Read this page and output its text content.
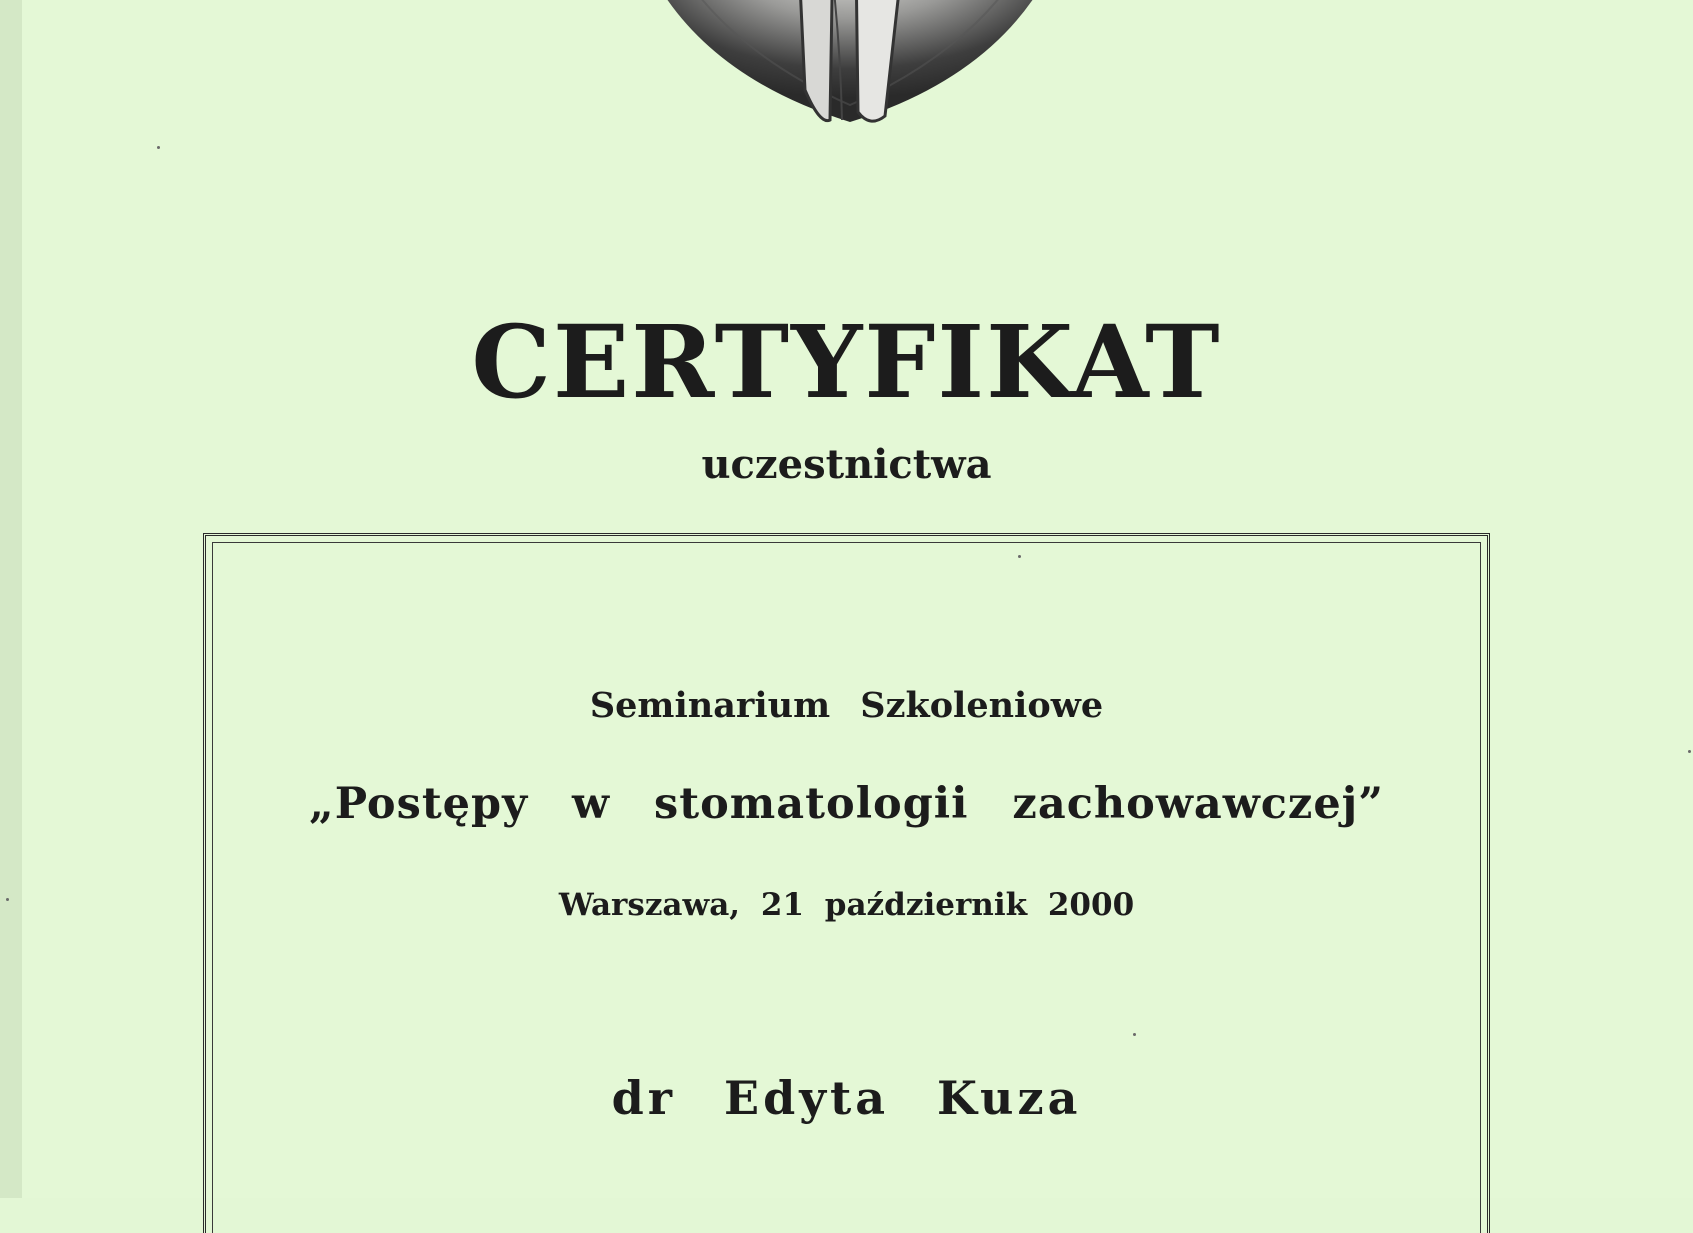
CERTYFIKAT
uczestnictwa
Seminarium Szkoleniowe
„Postępy w stomatologii zachowawczej”
Warszawa, 21 październik 2000
dr Edyta Kuza
